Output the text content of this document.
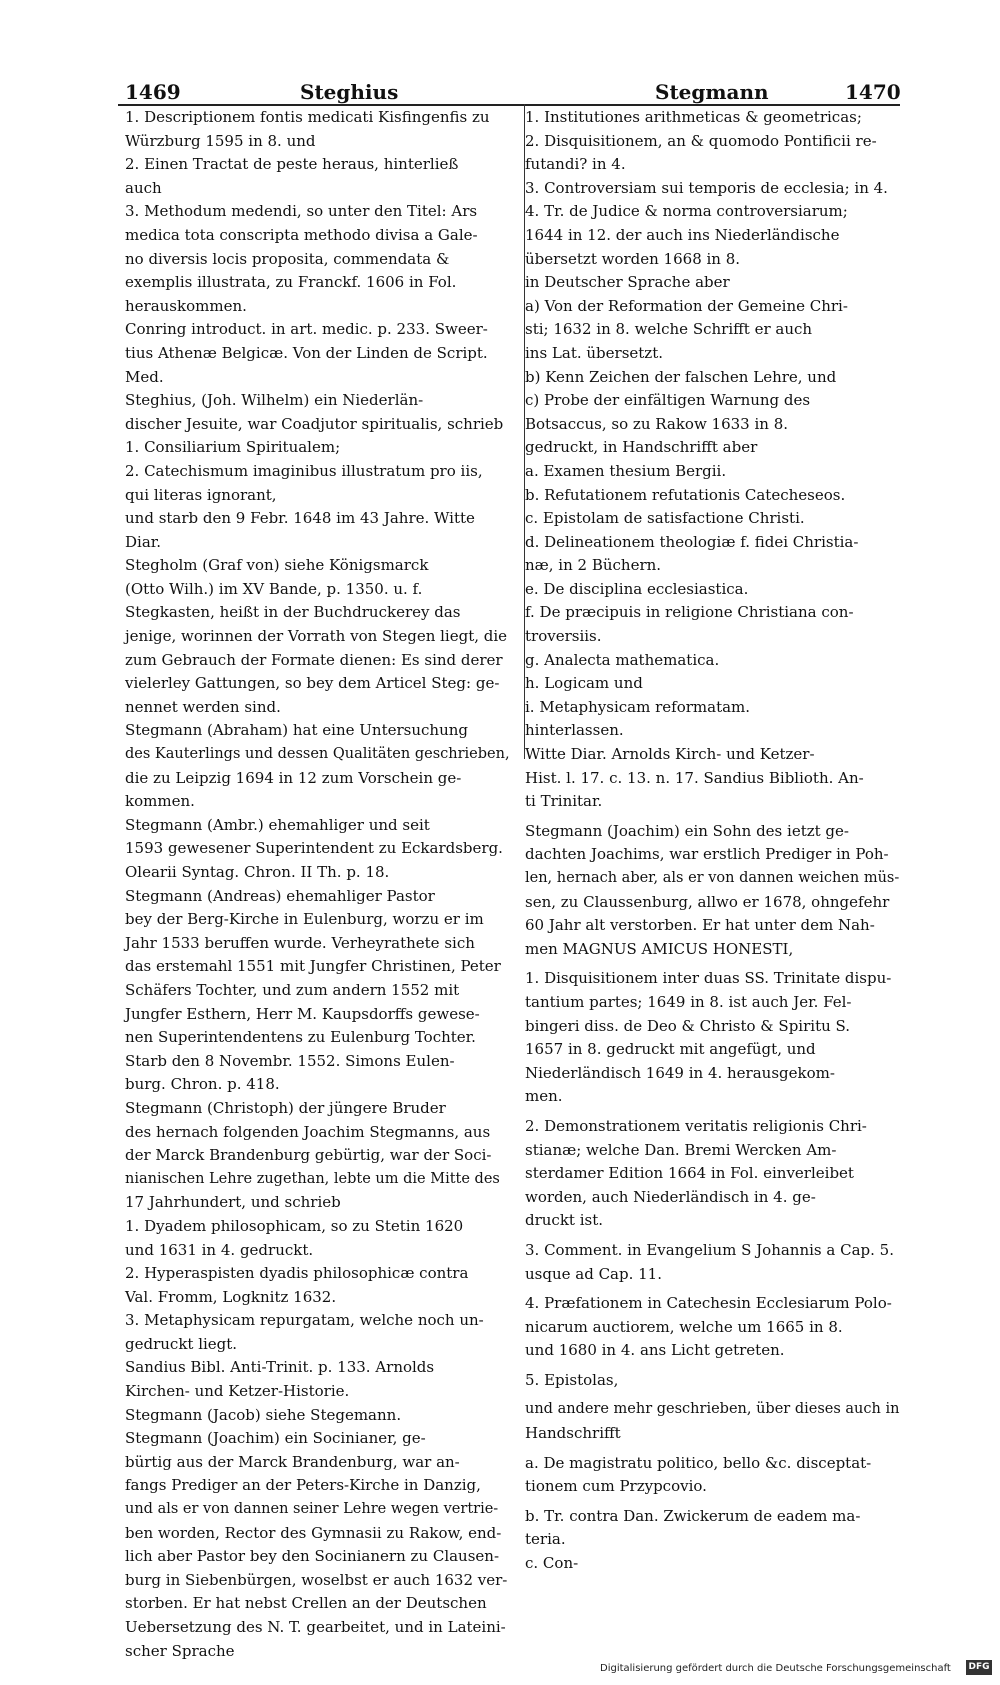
1469	Steghius	Stegmann	1470

1. Descriptionem fontis medicati Kisfingenfis zu

Würzburg 1595 in 8. und

2. Einen Tractat de peste heraus, hinterließ

auch

3. Methodum medendi, so unter den Titel: Ars

medica tota conscripta methodo divisa a Gale-

no diversis locis proposita, commendata &

exemplis illustrata, zu Franckf. 1606 in Fol.

herauskommen.

Conring introduct. in art. medic. p. 233. Sweer-

tius Athenæ Belgicæ. Von der Linden de Script.

Med.

Steghius, (Joh. Wilhelm) ein Niederlän-

discher Jesuite, war Coadjutor spiritualis, schrieb

1. Consiliarium Spiritualem;

2. Catechismum imaginibus illustratum pro iis,

qui literas ignorant,

und starb den 9 Febr. 1648 im 43 Jahre. Witte

Diar.

Stegholm (Graf von) siehe Königsmarck

(Otto Wilh.) im XV Bande, p. 1350. u. f.

Stegkasten, heißt in der Buchdruckerey das

jenige, worinnen der Vorrath von Stegen liegt, die

zum Gebrauch der Formate dienen: Es sind derer

vielerley Gattungen, so bey dem Articel Steg: ge-

nennet werden sind.

Stegmann (Abraham) hat eine Untersuchung

des Kauterlings und dessen Qualitäten geschrieben,

die zu Leipzig 1694 in 12 zum Vorschein ge-

kommen.

Stegmann (Ambr.) ehemahliger und seit

1593 gewesener Superintendent zu Eckardsberg.

Olearii Syntag. Chron. II Th. p. 18.

Stegmann (Andreas) ehemahliger Pastor

bey der Berg-Kirche in Eulenburg, worzu er im

Jahr 1533 beruffen wurde. Verheyrathete sich

das erstemahl 1551 mit Jungfer Christinen, Peter

Schäfers Tochter, und zum andern 1552 mit

Jungfer Esthern, Herr M. Kaupsdorffs gewese-

nen Superintendentens zu Eulenburg Tochter.

Starb den 8 Novembr. 1552. Simons Eulen-

burg. Chron. p. 418.

Stegmann (Christoph) der jüngere Bruder

des hernach folgenden Joachim Stegmanns, aus

der Marck Brandenburg gebürtig, war der Soci-

nianischen Lehre zugethan, lebte um die Mitte des

17 Jahrhundert, und schrieb

1. Dyadem philosophicam, so zu Stetin 1620

und 1631 in 4. gedruckt.

2. Hyperaspisten dyadis philosophicæ contra

Val. Fromm, Logknitz 1632.

3. Metaphysicam repurgatam, welche noch un-

gedruckt liegt.

Sandius Bibl. Anti-Trinit. p. 133. Arnolds

Kirchen- und Ketzer-Historie.

Stegmann (Jacob) siehe Stegemann.

Stegmann (Joachim) ein Socinianer, ge-

bürtig aus der Marck Brandenburg, war an-

fangs Prediger an der Peters-Kirche in Danzig,

und als er von dannen seiner Lehre wegen vertrie-

ben worden, Rector des Gymnasii zu Rakow, end-

lich aber Pastor bey den Socinianern zu Clausen-

burg in Siebenbürgen, woselbst er auch 1632 ver-

storben. Er hat nebst Crellen an der Deutschen

Uebersetzung des N. T. gearbeitet, und in Lateini-

scher Sprache

1. Institutiones arithmeticas & geometricas;

2. Disquisitionem, an & quomodo Pontificii re-

futandi? in 4.

3. Controversiam sui temporis de ecclesia; in 4.

4. Tr. de Judice & norma controversiarum;

1644 in 12. der auch ins Niederländische

übersetzt worden 1668 in 8.

in Deutscher Sprache aber

a) Von der Reformation der Gemeine Chri-

sti; 1632 in 8. welche Schrifft er auch

ins Lat. übersetzt.

b) Kenn Zeichen der falschen Lehre, und

c) Probe der einfältigen Warnung des

Botsaccus, so zu Rakow 1633 in 8.

gedruckt, in Handschrifft aber

a. Examen thesium Bergii.

b. Refutationem refutationis Catecheseos.

c. Epistolam de satisfactione Christi.

d. Delineationem theologiæ f. fidei Christia-

næ, in 2 Büchern.

e. De disciplina ecclesiastica.

f. De præcipuis in religione Christiana con-

troversiis.

g. Analecta mathematica.

h. Logicam und

i. Metaphysicam reformatam.

hinterlassen.

Witte Diar. Arnolds Kirch- und Ketzer-

Hist. l. 17. c. 13. n. 17. Sandius Biblioth. An-

ti Trinitar.

Stegmann (Joachim) ein Sohn des ietzt ge-

dachten Joachims, war erstlich Prediger in Poh-

len, hernach aber, als er von dannen weichen müs-

sen, zu Claussenburg, allwo er 1678, ohngefehr

60 Jahr alt verstorben. Er hat unter dem Nah-

men MAGNUS AMICUS HONESTI,

1. Disquisitionem inter duas SS. Trinitate dispu-

tantium partes; 1649 in 8. ist auch Jer. Fel-

bingeri diss. de Deo & Christo & Spiritu S.

1657 in 8. gedruckt mit angefügt, und

Niederländisch 1649 in 4. herausgekom-

men.

2. Demonstrationem veritatis religionis Chri-

stianæ; welche Dan. Bremi Wercken Am-

sterdamer Edition 1664 in Fol. einverleibet

worden, auch Niederländisch in 4. ge-

druckt ist.

3. Comment. in Evangelium S Johannis a Cap. 5.

usque ad Cap. 11.

4. Præfationem in Catechesin Ecclesiarum Polo-

nicarum auctiorem, welche um 1665 in 8.

und 1680 in 4. ans Licht getreten.

5. Epistolas,

und andere mehr geschrieben, über dieses auch in

Handschrifft

a. De magistratu politico, bello &c. disceptat-

tionem cum Przypcovio.

b. Tr. contra Dan. Zwickerum de eadem ma-

teria.

c. Con-

Digitalisierung gefördert durch die Deutsche Forschungsgemeinschaft DFG
